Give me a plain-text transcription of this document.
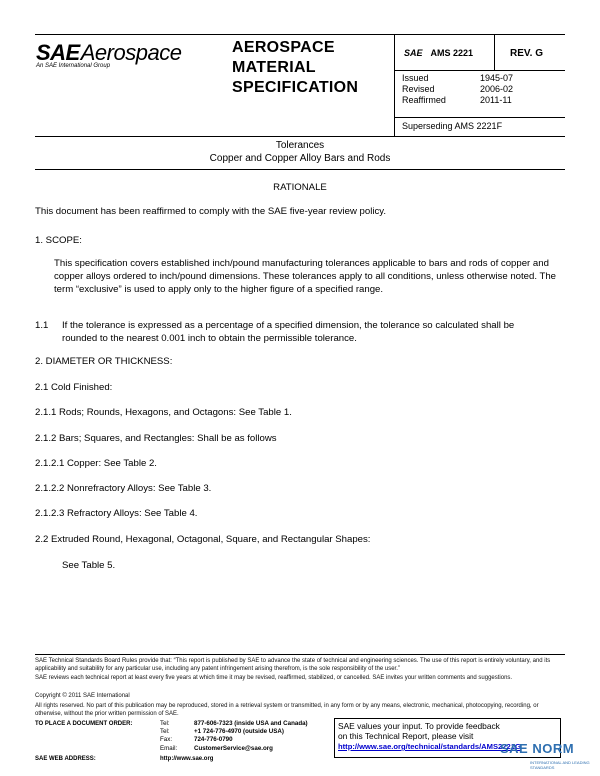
SAEAerospace
An SAE International Group
AEROSPACE
MATERIAL
SPECIFICATION
SAE AMS 2221	REV. G
Issued	1945-07
Revised	2006-02
Reaffirmed	2011-11
Superseding AMS 2221F
Tolerances
Copper and Copper Alloy Bars and Rods
RATIONALE
This document has been reaffirmed to comply with the SAE five-year review policy.
1. SCOPE:
This specification covers established inch/pound manufacturing tolerances applicable to bars and rods of copper and copper alloys ordered to inch/pound dimensions. These tolerances apply to all conditions, unless otherwise noted. The term “exclusive” is used to apply only to the higher figure of a specified range.
1.1 If the tolerance is expressed as a percentage of a specified dimension, the tolerance so calculated shall be rounded to the nearest 0.001 inch to obtain the permissible tolerance.
2. DIAMETER OR THICKNESS:
2.1 Cold Finished:
2.1.1 Rods; Rounds, Hexagons, and Octagons: See Table 1.
2.1.2 Bars; Squares, and Rectangles: Shall be as follows
2.1.2.1 Copper: See Table 2.
2.1.2.2 Nonrefractory Alloys: See Table 3.
2.1.2.3 Refractory Alloys: See Table 4.
2.2 Extruded Round, Hexagonal, Octagonal, Square, and Rectangular Shapes:
See Table 5.
SAE Technical Standards Board Rules provide that: “This report is published by SAE to advance the state of technical and engineering sciences. The use of this report is entirely voluntary, and its applicability and suitability for any particular use, including any patent infringement arising therefrom, is the sole responsibility of the user.”
SAE reviews each technical report at least every five years at which time it may be revised, reaffirmed, stabilized, or cancelled. SAE invites your written comments and suggestions.
Copyright © 2011 SAE International
All rights reserved. No part of this publication may be reproduced, stored in a retrieval system or transmitted, in any form or by any means, electronic, mechanical, photocopying, recording, or otherwise, without the prior written permission of SAE.
TO PLACE A DOCUMENT ORDER:	Tel:	877-606-7323 (inside USA and Canada)
Tel:	+1 724-776-4970 (outside USA)
Fax:	724-776-0790
Email:	CustomerService@sae.org
SAE WEB ADDRESS:	http://www.sae.org
SAE values your input. To provide feedback
on this Technical Report, please visit
http://www.sae.org/technical/standards/AMS2221G
SAE NORM
INTERNATIONAL AND LEADING STANDARDS
